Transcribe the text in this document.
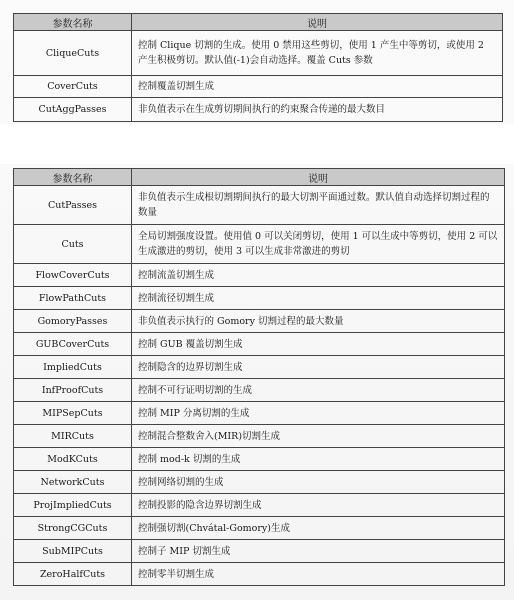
参数名称	说明
CliqueCuts	控制 Clique 切割的生成。使用 0 禁用这些剪切，使用 1 产生中等剪切，或使用 2 产生积极剪切。默认值(-1)会自动选择。覆盖 Cuts 参数
CoverCuts	控制覆盖切割生成
CutAggPasses	非负值表示在生成剪切期间执行的约束聚合传递的最大数目
参数名称	说明
CutPasses	非负值表示生成根切割期间执行的最大切割平面通过数。默认值自动选择切割过程的数量
Cuts	全局切割强度设置。使用值 0 可以关闭剪切，使用 1 可以生成中等剪切，使用 2 可以生成激进的剪切，使用 3 可以生成非常激进的剪切
FlowCoverCuts	控制流盖切割生成
FlowPathCuts	控制流径切割生成
GomoryPasses	非负值表示执行的 Gomory 切割过程的最大数量
GUBCoverCuts	控制 GUB 覆盖切割生成
ImpliedCuts	控制隐含的边界切割生成
InfProofCuts	控制不可行证明切割的生成
MIPSepCuts	控制 MIP 分离切割的生成
MIRCuts	控制混合整数舍入(MIR)切割生成
ModKCuts	控制 mod-k 切割的生成
NetworkCuts	控制网络切割的生成
ProjImpliedCuts	控制投影的隐含边界切割生成
StrongCGCuts	控制强切割(Chvátal-Gomory)生成
SubMIPCuts	控制子 MIP 切割生成
ZeroHalfCuts	控制零半切割生成
